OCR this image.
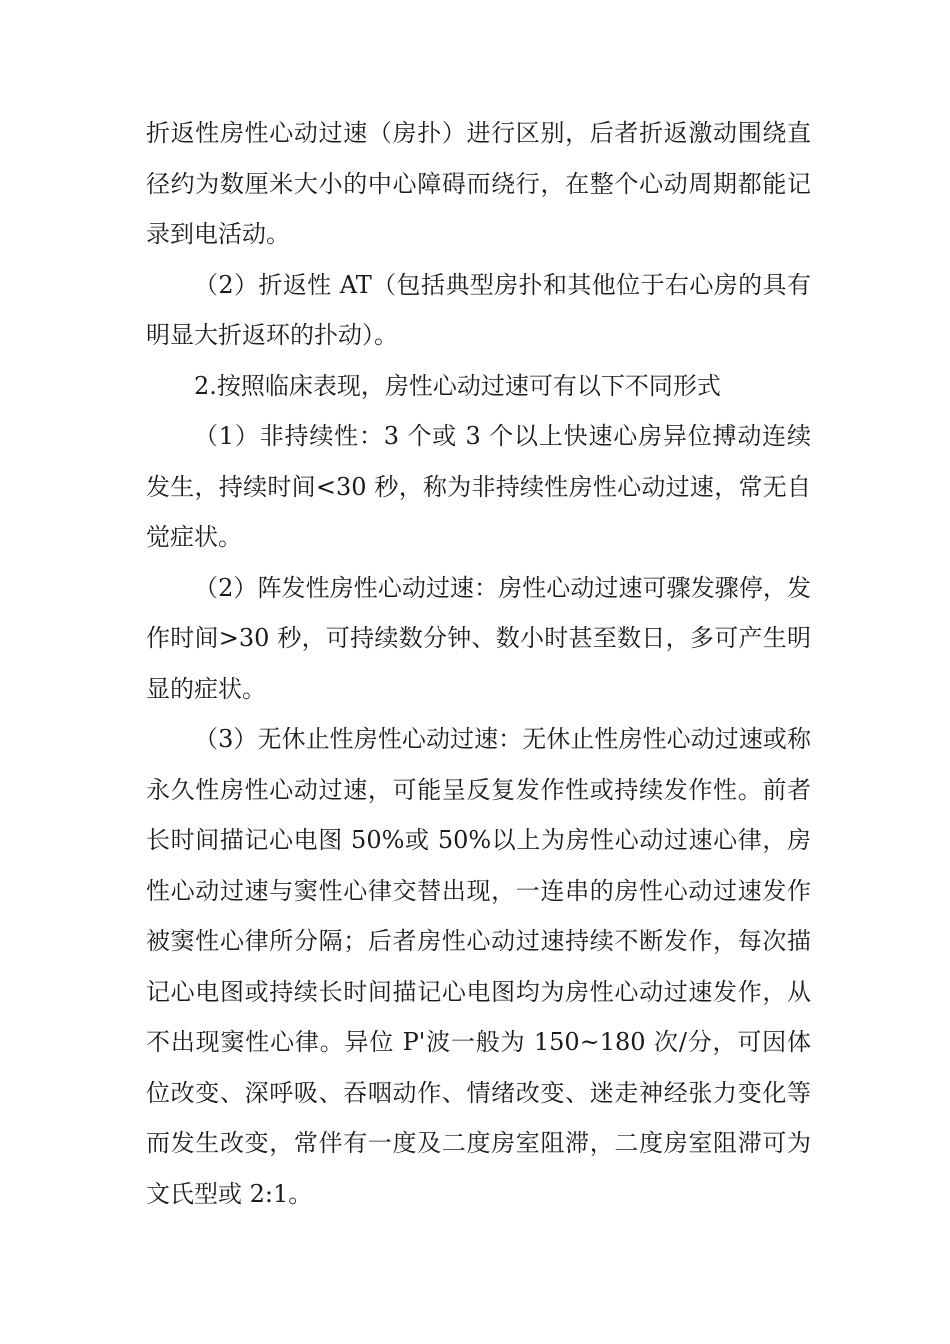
折返性房性心动过速（房扑）进行区别，后者折返激动围绕直径约为数厘米大小的中心障碍而绕行，在整个心动周期都能记录到电活动。

（2）折返性 AT（包括典型房扑和其他位于右心房的具有明显大折返环的扑动）。

2.按照临床表现，房性心动过速可有以下不同形式

（1）非持续性：3 个或 3 个以上快速心房异位搏动连续发生，持续时间<30 秒，称为非持续性房性心动过速，常无自觉症状。

（2）阵发性房性心动过速：房性心动过速可骤发骤停，发作时间>30 秒，可持续数分钟、数小时甚至数日，多可产生明显的症状。

（3）无休止性房性心动过速：无休止性房性心动过速或称永久性房性心动过速，可能呈反复发作性或持续发作性。前者长时间描记心电图 50%或 50%以上为房性心动过速心律，房性心动过速与窦性心律交替出现，一连串的房性心动过速发作被窦性心律所分隔；后者房性心动过速持续不断发作，每次描记心电图或持续长时间描记心电图均为房性心动过速发作，从不出现窦性心律。异位 P'波一般为 150~180 次/分，可因体位改变、深呼吸、吞咽动作、情绪改变、迷走神经张力变化等而发生改变，常伴有一度及二度房室阻滞，二度房室阻滞可为文氏型或 2:1。
